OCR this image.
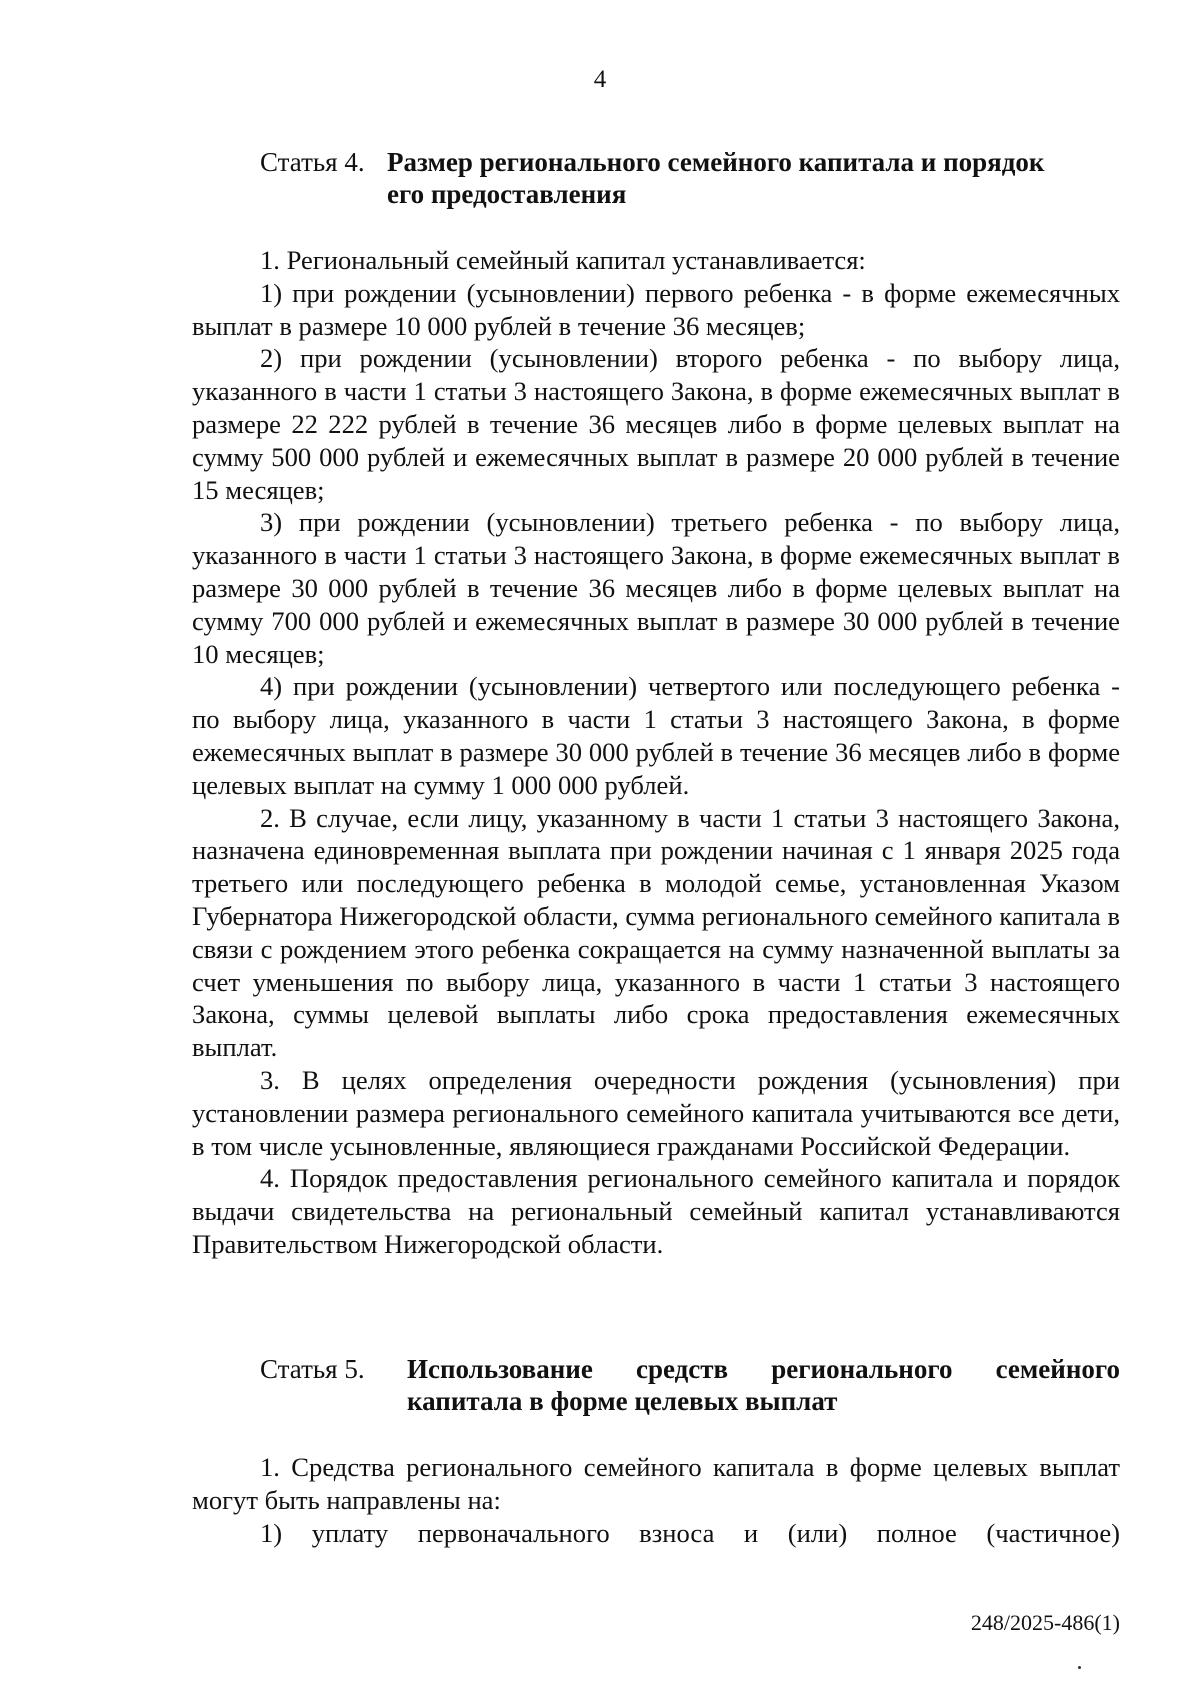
4
Статья 4. Размер регионального семейного капитала и порядок
его предоставления

1. Региональный семейный капитал устанавливается:

1) при рождении (усыновлении) первого ребенка - в форме ежемесячных выплат в размере 10 000 рублей в течение 36 месяцев;

2) при рождении (усыновлении) второго ребенка - по выбору лица, указанного в части 1 статьи 3 настоящего Закона, в форме ежемесячных выплат в размере 22 222 рублей в течение 36 месяцев либо в форме целевых выплат на сумму 500 000 рублей и ежемесячных выплат в размере 20 000 рублей в течение 15 месяцев;

3) при рождении (усыновлении) третьего ребенка - по выбору лица, указанного в части 1 статьи 3 настоящего Закона, в форме ежемесячных выплат в размере 30 000 рублей в течение 36 месяцев либо в форме целевых выплат на сумму 700 000 рублей и ежемесячных выплат в размере 30 000 рублей в течение 10 месяцев;

4) при рождении (усыновлении) четвертого или последующего ребенка - по выбору лица, указанного в части 1 статьи 3 настоящего Закона, в форме ежемесячных выплат в размере 30 000 рублей в течение 36 месяцев либо в форме целевых выплат на сумму 1 000 000 рублей.

2. В случае, если лицу, указанному в части 1 статьи 3 настоящего Закона, назначена единовременная выплата при рождении начиная с 1 января 2025 года третьего или последующего ребенка в молодой семье, установленная Указом Губернатора Нижегородской области, сумма регионального семейного капитала в связи с рождением этого ребенка сокращается на сумму назначенной выплаты за счет уменьшения по выбору лица, указанного в части 1 статьи 3 настоящего Закона, суммы целевой выплаты либо срока предоставления ежемесячных выплат.

3. В целях определения очередности рождения (усыновления) при установлении размера регионального семейного капитала учитываются все дети, в том числе усыновленные, являющиеся гражданами Российской Федерации.

4. Порядок предоставления регионального семейного капитала и порядок выдачи свидетельства на региональный семейный капитал устанавливаются Правительством Нижегородской области.

Статья 5.	Использование средств регионального семейного
капитала в форме целевых выплат

1. Средства регионального семейного капитала в форме целевых выплат могут быть направлены на:

1) уплату первоначального взноса и (или) полное (частичное)

248/2025-486(1)
